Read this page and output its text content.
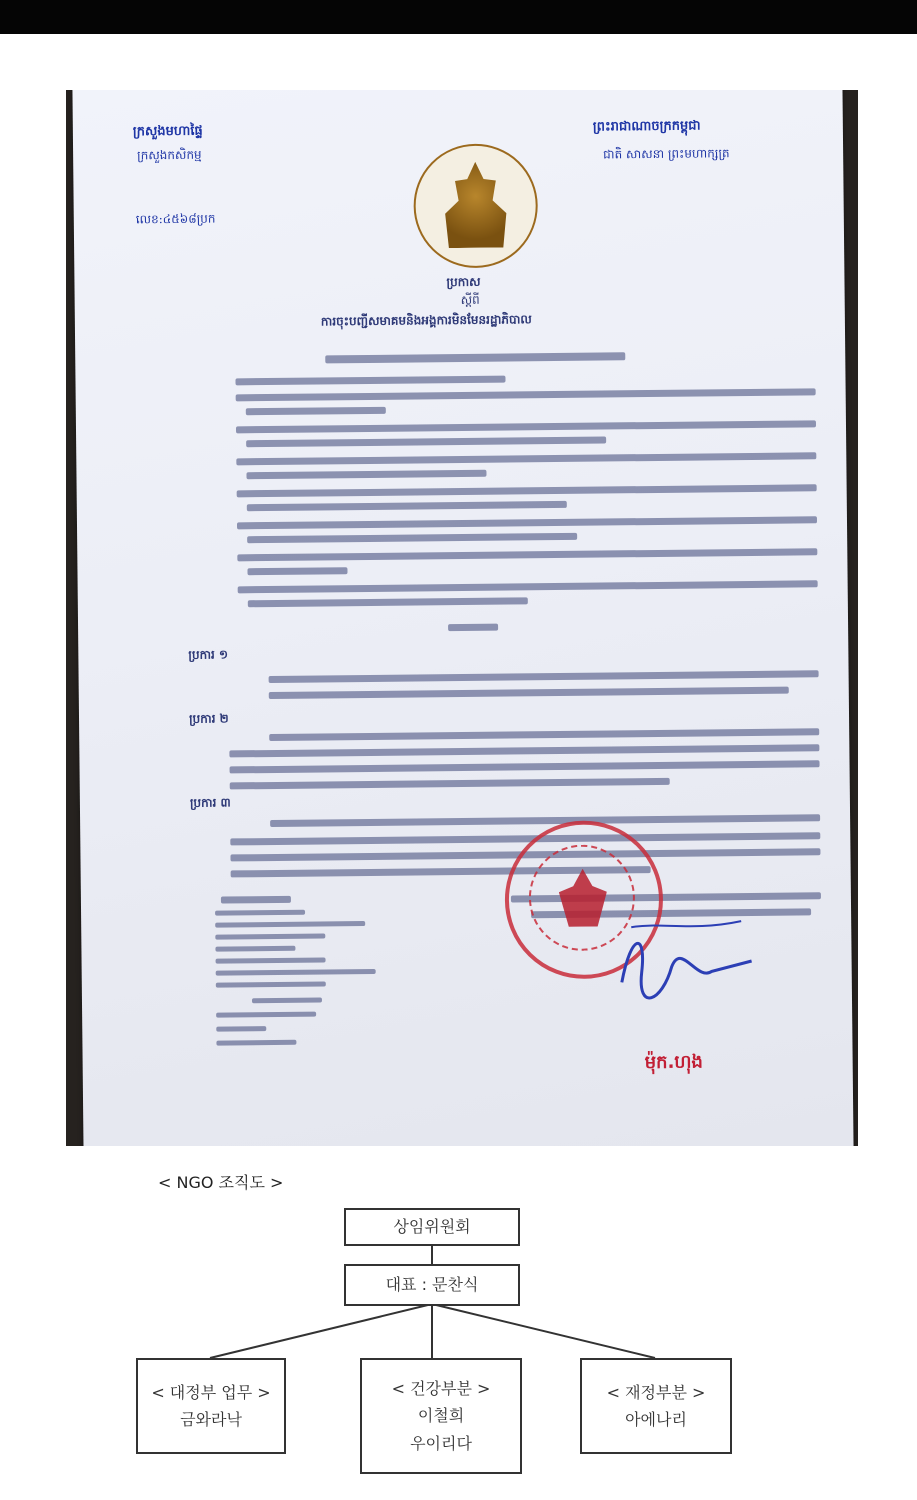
ក្រសួងមហាផ្ទៃ
ក្រសួងកសិកម្ម
លេខ:៤៥៦៨ប្រក
ព្រះរាជាណាចក្រកម្ពុជា
ជាតិ សាសនា ព្រះមហាក្សត្រ
ប្រកាស
ស្ដីពី
ការចុះបញ្ជីសមាគមនិងអង្គការមិនមែនរដ្ឋាភិបាល
ប្រការ ១
ប្រការ ២
ប្រការ ៣
ម៉ុក.ហុង
< NGO 조직도 >
상임위원회
대표 : 문찬식
< 대정부 업무 >
금와라낙
< 건강부분 >
이철희
우이리다
< 재정부분 >
아에나리
